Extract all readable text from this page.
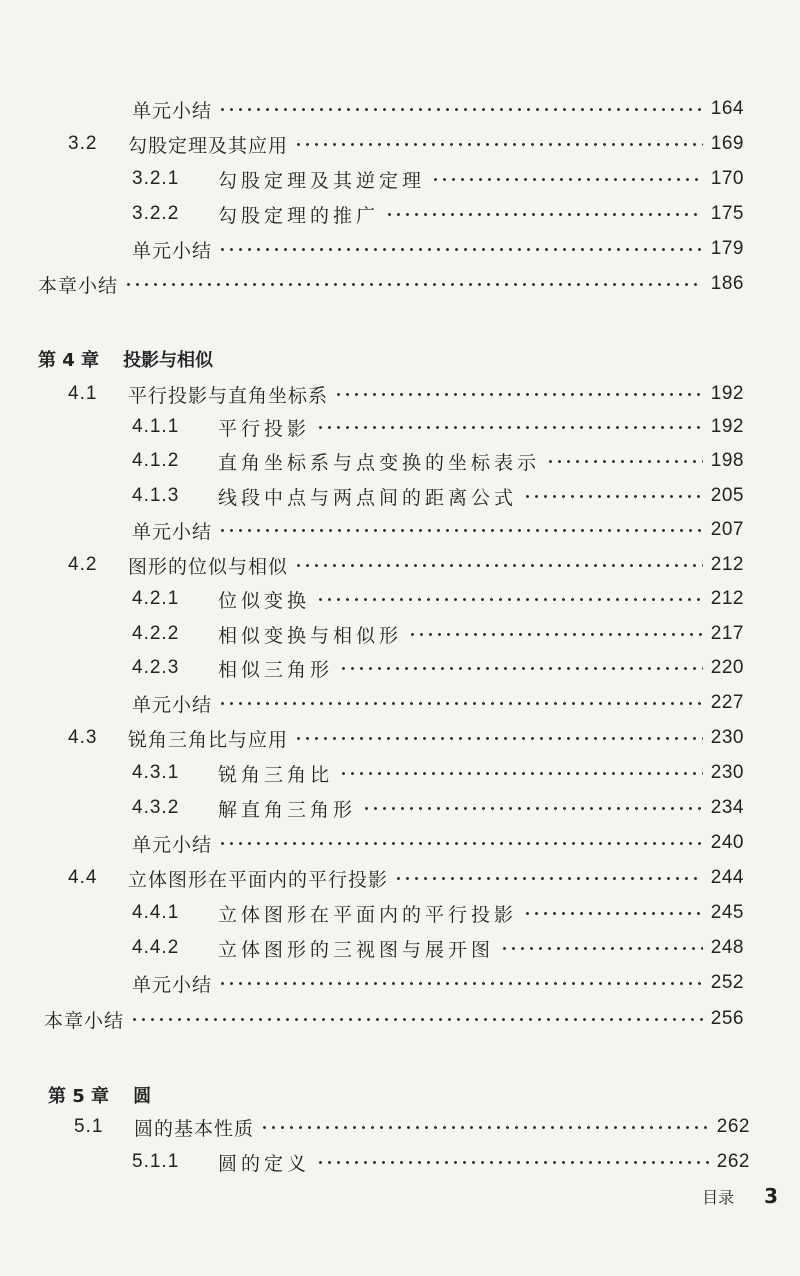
单元小结	164
3.2	勾股定理及其应用	169
3.2.1	勾股定理及其逆定理	170
3.2.2	勾股定理的推广	175
单元小结	179
本章小结	186
第 4 章 投影与相似
4.1	平行投影与直角坐标系	192
4.1.1	平行投影	192
4.1.2	直角坐标系与点变换的坐标表示	198
4.1.3	线段中点与两点间的距离公式	205
单元小结	207
4.2	图形的位似与相似	212
4.2.1	位似变换	212
4.2.2	相似变换与相似形	217
4.2.3	相似三角形	220
单元小结	227
4.3	锐角三角比与应用	230
4.3.1	锐角三角比	230
4.3.2	解直角三角形	234
单元小结	240
4.4	立体图形在平面内的平行投影	244
4.4.1	立体图形在平面内的平行投影	245
4.4.2	立体图形的三视图与展开图	248
单元小结	252
本章小结	256
第 5 章 圆
5.1	圆的基本性质	262
5.1.1	圆的定义	262
目录 3
